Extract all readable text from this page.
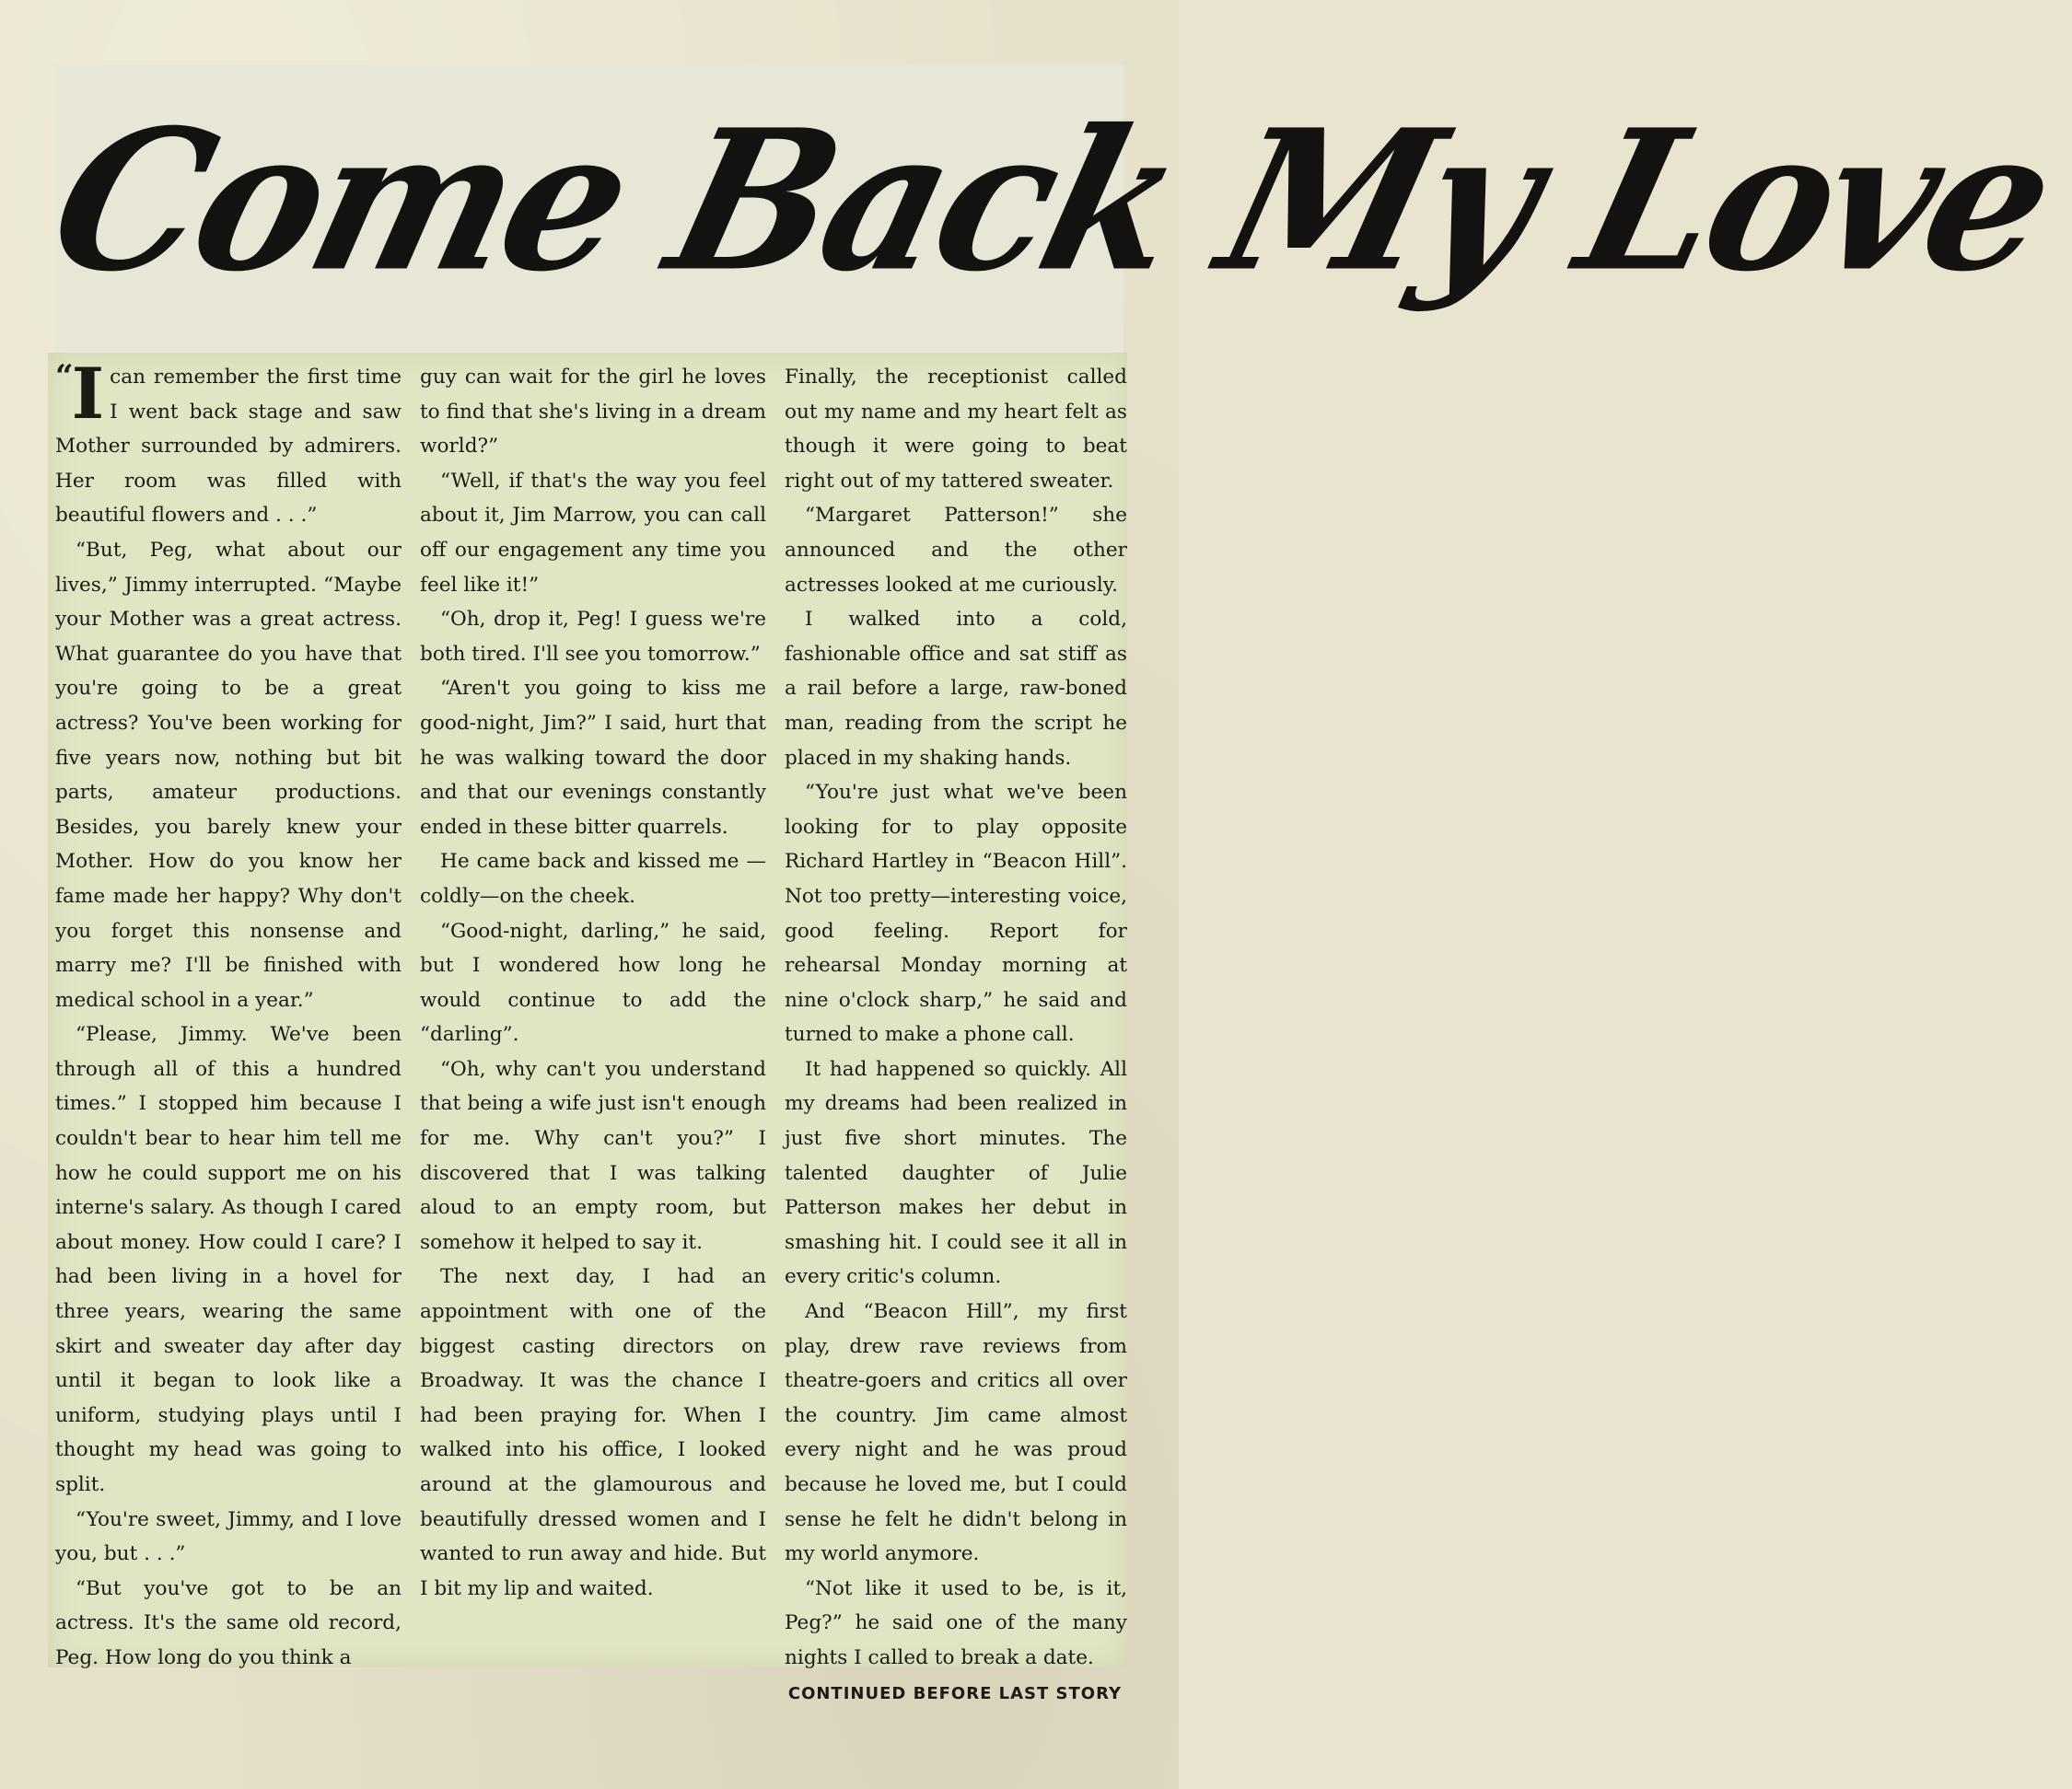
Come Back My Love
“I can remember the first time I went back stage and saw Mother surrounded by admirers. Her room was filled with beautiful flowers and . . .”

“But, Peg, what about our lives,” Jimmy interrupted. “Maybe your Mother was a great actress. What guarantee do you have that you're going to be a great actress? You've been working for five years now, nothing but bit parts, amateur productions. Besides, you barely knew your Mother. How do you know her fame made her happy? Why don't you forget this nonsense and marry me? I'll be finished with medical school in a year.”

“Please, Jimmy. We've been through all of this a hundred times.” I stopped him because I couldn't bear to hear him tell me how he could support me on his interne's salary. As though I cared about money. How could I care? I had been living in a hovel for three years, wearing the same skirt and sweater day after day until it began to look like a uniform, studying plays until I thought my head was going to split.

“You're sweet, Jimmy, and I love you, but . . .”

“But you've got to be an actress. It's the same old record, Peg. How long do you think a

guy can wait for the girl he loves to find that she's living in a dream world?”

“Well, if that's the way you feel about it, Jim Marrow, you can call off our engagement any time you feel like it!”

“Oh, drop it, Peg! I guess we're both tired. I'll see you tomorrow.”

“Aren't you going to kiss me good-night, Jim?” I said, hurt that he was walking toward the door and that our evenings constantly ended in these bitter quarrels.

He came back and kissed me —coldly—on the cheek.

“Good-night, darling,” he said, but I wondered how long he would continue to add the “darling”.

“Oh, why can't you understand that being a wife just isn't enough for me. Why can't you?” I discovered that I was talking aloud to an empty room, but somehow it helped to say it.

The next day, I had an appointment with one of the biggest casting directors on Broadway. It was the chance I had been praying for. When I walked into his office, I looked around at the glamourous and beautifully dressed women and I wanted to run away and hide. But I bit my lip and waited.

Finally, the receptionist called out my name and my heart felt as though it were going to beat right out of my tattered sweater.

“Margaret Patterson!” she announced and the other actresses looked at me curiously.

I walked into a cold, fashionable office and sat stiff as a rail before a large, raw-boned man, reading from the script he placed in my shaking hands.

“You're just what we've been looking for to play opposite Richard Hartley in “Beacon Hill”. Not too pretty—interesting voice, good feeling. Report for rehearsal Monday morning at nine o'clock sharp,” he said and turned to make a phone call.

It had happened so quickly. All my dreams had been realized in just five short minutes. The talented daughter of Julie Patterson makes her debut in smashing hit. I could see it all in every critic's column.

And “Beacon Hill”, my first play, drew rave reviews from theatre-goers and critics all over the country. Jim came almost every night and he was proud because he loved me, but I could sense he felt he didn't belong in my world anymore.

“Not like it used to be, is it, Peg?” he said one of the many nights I called to break a date.

CONTINUED BEFORE LAST STORY
